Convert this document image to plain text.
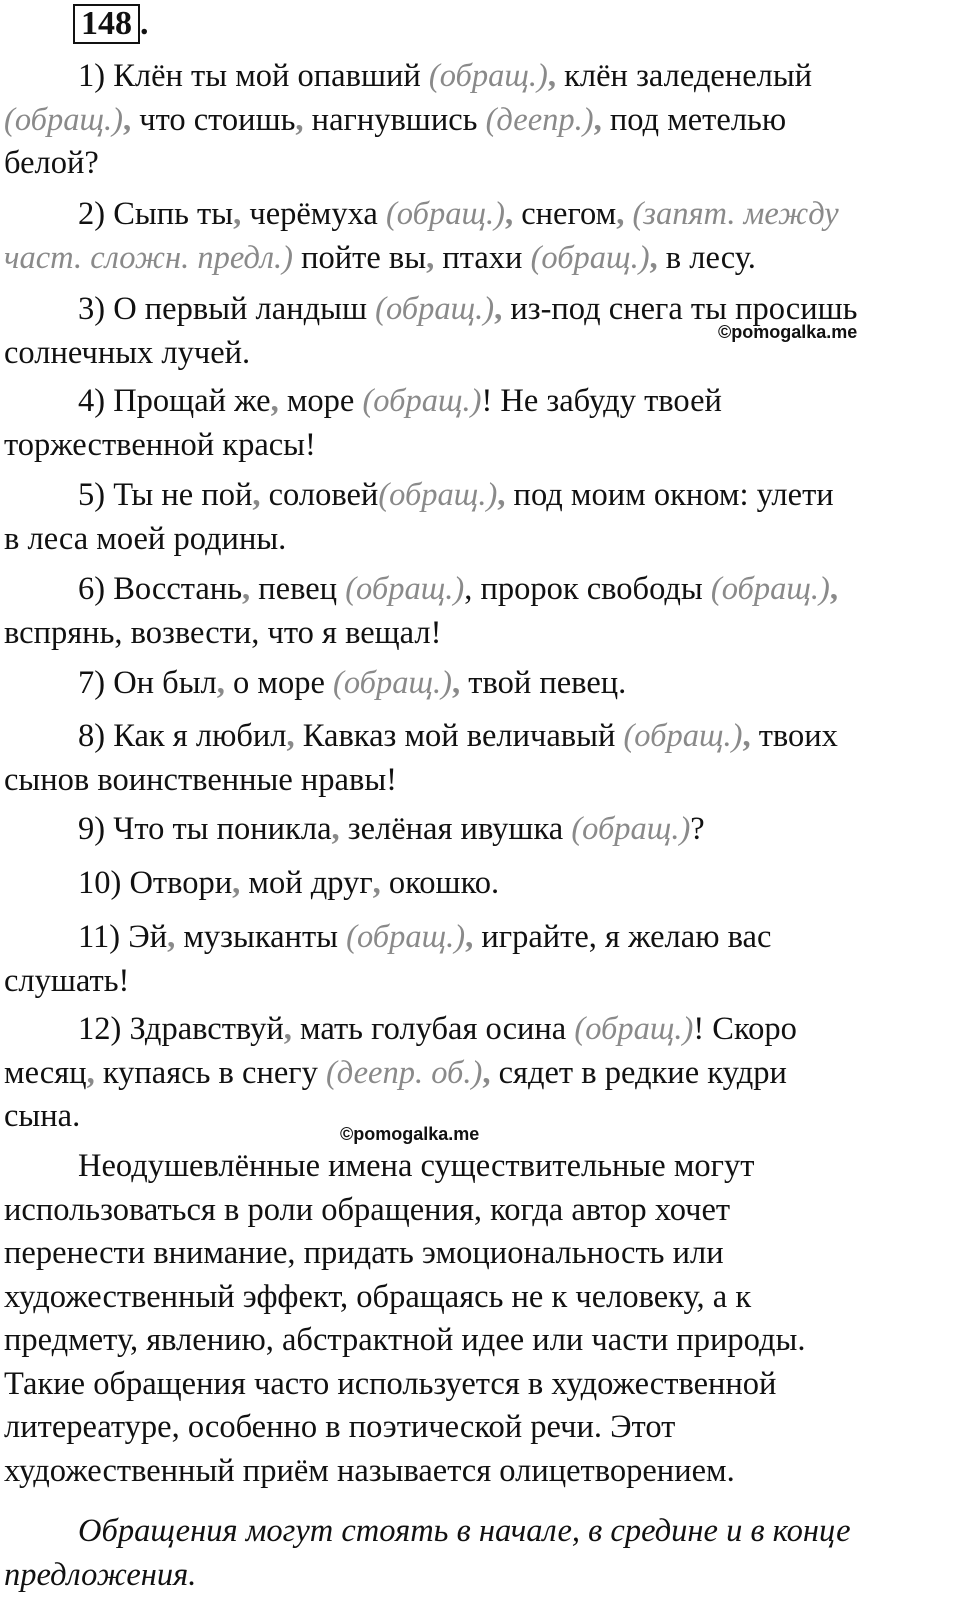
148 .
1) Клён ты мой опавший (обращ.), клён заледенелый
(обращ.), что стоишь, нагнувшись (деепр.), под метелью
белой?
2) Сыпь ты, черёмуха (обращ.), снегом, (запят. между
част. сложн. предл.) пойте вы, птахи (обращ.), в лесу.
3) О первый ландыш (обращ.), из-под снега ты просишь
солнечных лучей.
©pomogalka.me
4) Прощай же, море (обращ.)! Не забуду твоей
торжественной красы!
5) Ты не пой, соловей(обращ.), под моим окном: улети
в леса моей родины.
6) Восстань, певец (обращ.), пророк свободы (обращ.),
вспрянь, возвести, что я вещал!
7) Он был, о море (обращ.), твой певец.
8) Как я любил, Кавказ мой величавый (обращ.), твоих
сынов воинственные нравы!
9) Что ты поникла, зелёная ивушка (обращ.)?
10) Отвори, мой друг, окошко.
11) Эй, музыканты (обращ.), играйте, я желаю вас
слушать!
12) Здравствуй, мать голубая осина (обращ.)! Скоро
месяц, купаясь в снегу (деепр. об.), сядет в редкие кудри
сына.	©pomogalka.me
Неодушевлённые имена существительные могут
использоваться в роли обращения, когда автор хочет
перенести внимание, придать эмоциональность или
художественный эффект, обращаясь не к человеку, а к
предмету, явлению, абстрактной идее или части природы.
Такие обращения часто используется в художественной
литереатуре, особенно в поэтической речи. Этот
художественный приём называется олицетворением.
Обращения могут стоять в начале, в средине и в конце
предложения.
